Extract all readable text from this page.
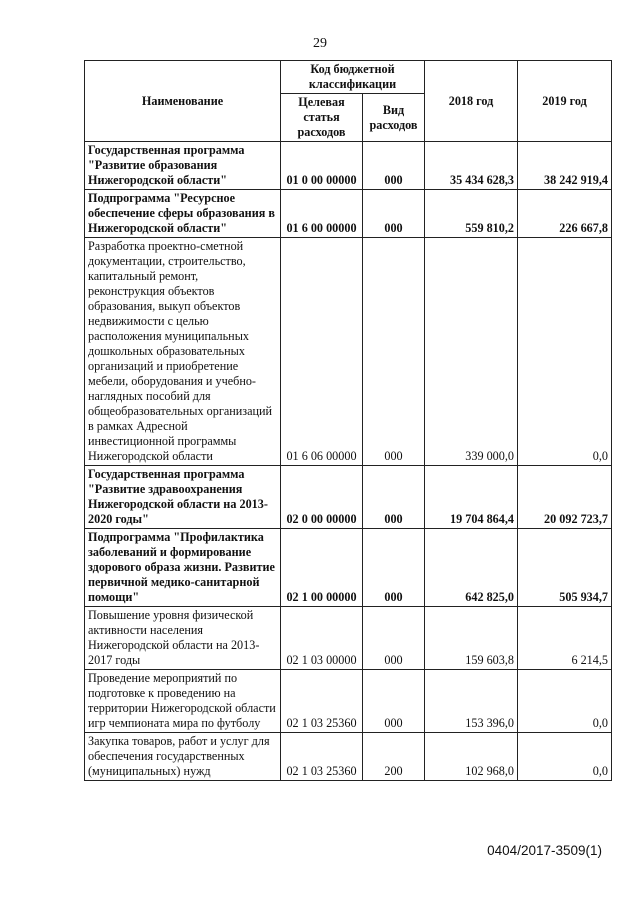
29
Наименование	Код бюджетной классификации		2018 год	2019 год
	Целевая статья расходов	Вид расходов		
Государственная программа "Развитие образования Нижегородской области"	01 0 00 00000	000	35 434 628,3	38 242 919,4
Подпрограмма "Ресурсное обеспечение сферы образования в Нижегородской области"	01 6 00 00000	000	559 810,2	226 667,8
Разработка проектно-сметной документации, строительство, капитальный ремонт, реконструкция объектов образования, выкуп объектов недвижимости с целью расположения муниципальных дошкольных образовательных организаций и приобретение мебели, оборудования и учебно-наглядных пособий для общеобразовательных организаций в рамках Адресной инвестиционной программы Нижегородской области	01 6 06 00000	000	339 000,0	0,0
Государственная программа "Развитие здравоохранения Нижегородской области на 2013-2020 годы"	02 0 00 00000	000	19 704 864,4	20 092 723,7
Подпрограмма "Профилактика заболеваний и формирование здорового образа жизни. Развитие первичной медико-санитарной помощи"	02 1 00 00000	000	642 825,0	505 934,7
Повышение уровня физической активности населения Нижегородской области на 2013-2017 годы	02 1 03 00000	000	159 603,8	6 214,5
Проведение мероприятий по подготовке к проведению на территории Нижегородской области игр чемпионата мира по футболу	02 1 03 25360	000	153 396,0	0,0
Закупка товаров, работ и услуг для обеспечения государственных (муниципальных) нужд	02 1 03 25360	200	102 968,0	0,0
0404/2017-3509(1)
